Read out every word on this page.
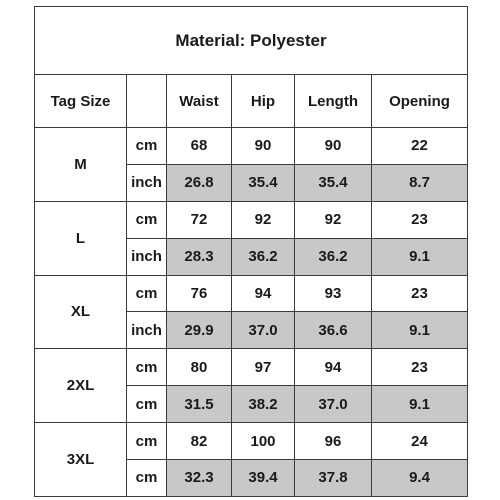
Material: Polyester					
Tag Size		Waist	Hip	Length	Opening
M	cm	68	90	90	22
	inch	26.8	35.4	35.4	8.7
L	cm	72	92	92	23
	inch	28.3	36.2	36.2	9.1
XL	cm	76	94	93	23
	inch	29.9	37.0	36.6	9.1
2XL	cm	80	97	94	23
	cm	31.5	38.2	37.0	9.1
3XL	cm	82	100	96	24
	cm	32.3	39.4	37.8	9.4
